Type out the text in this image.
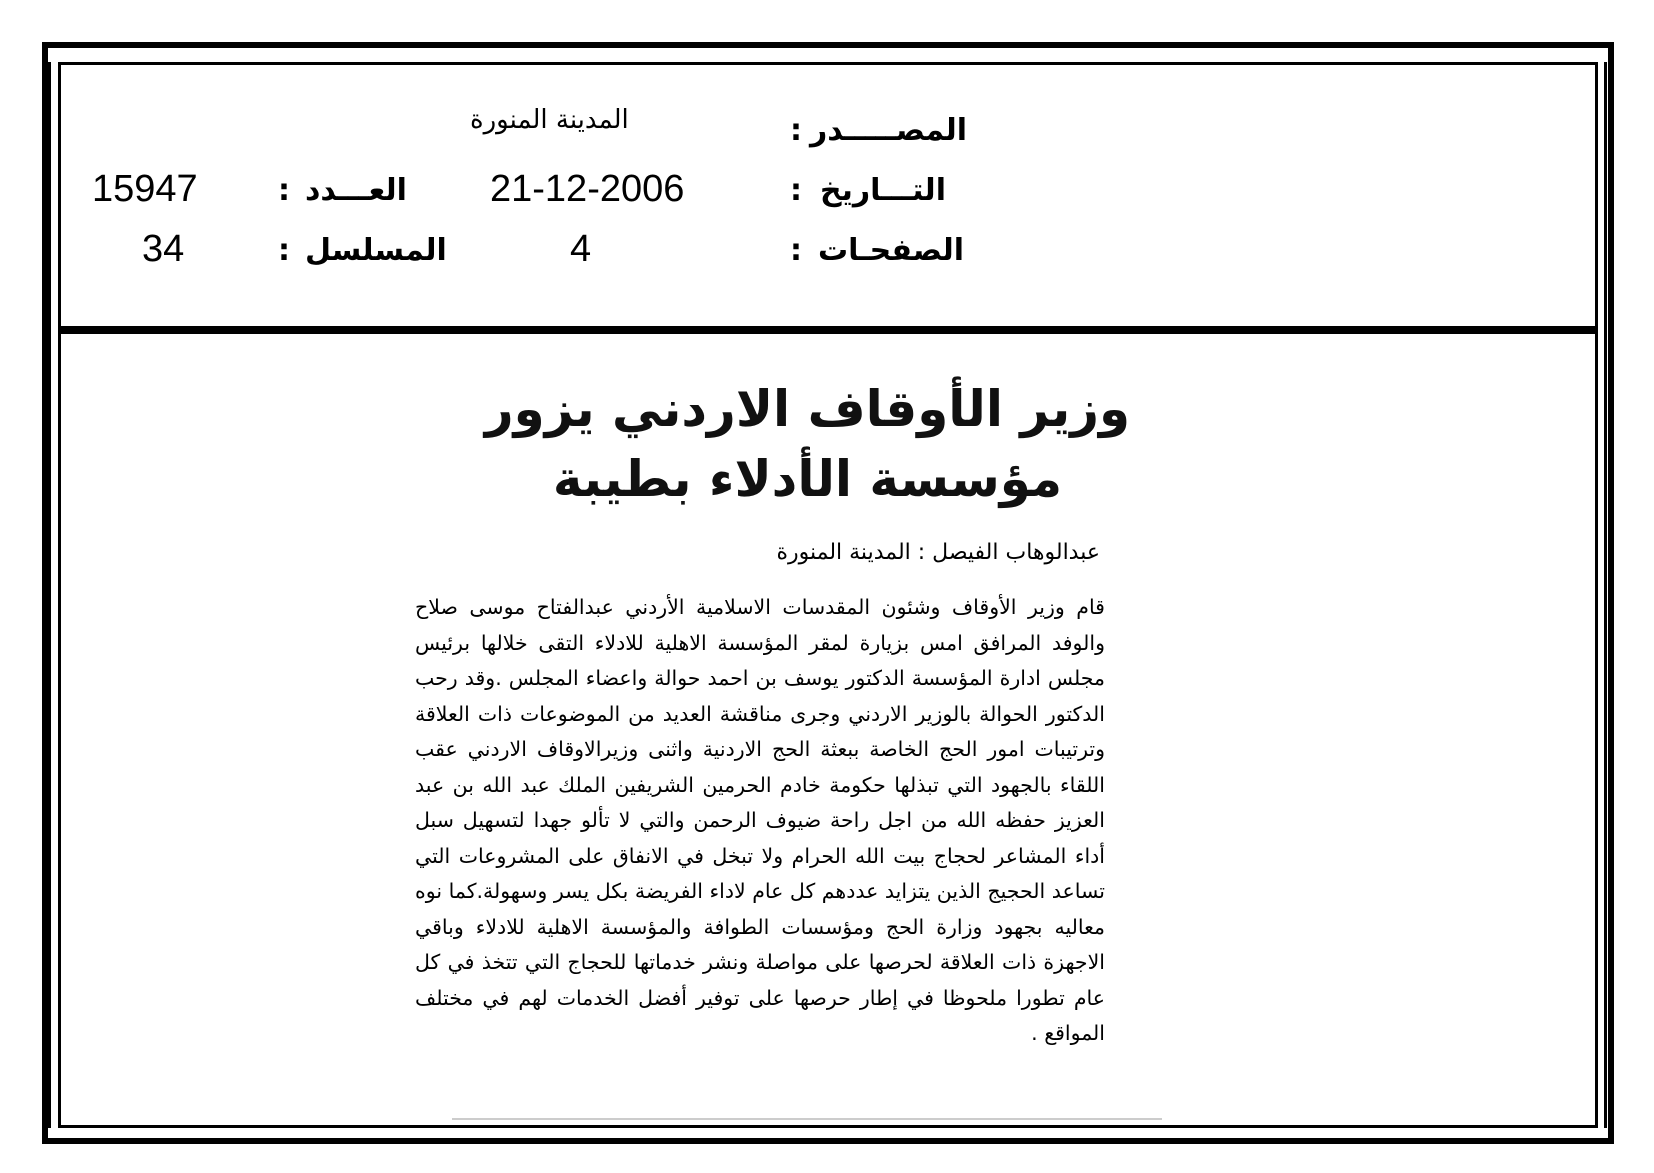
المصـــــدر
:
المدينة المنورة
التـــاريخ
:
21-12-2006
العـــدد
:
15947
الصفحـات
:
4
المسلسل
:
34
وزير الأوقاف الاردني يزور
مؤسسة الأدلاء بطيبة
عبدالوهاب الفيصل : المدينة المنورة

قام وزير الأوقاف وشئون المقدسات الاسلامية الأردني عبدالفتاح موسى صلاح والوفد المرافق امس بزيارة لمقر المؤسسة الاهلية للادلاء التقى خلالها برئيس مجلس ادارة المؤسسة الدكتور يوسف بن احمد حوالة واعضاء المجلس .وقد رحب الدكتور الحوالة بالوزير الاردني وجرى مناقشة العديد من الموضوعات ذات العلاقة وترتيبات امور الحج الخاصة ببعثة الحج الاردنية واثنى وزيرالاوقاف الاردني عقب اللقاء بالجهود التي تبذلها حكومة خادم الحرمين الشريفين الملك عبد الله بن عبد العزيز حفظه الله من اجل راحة ضيوف الرحمن والتي لا تألو جهدا لتسهيل سبل أداء المشاعر لحجاج بيت الله الحرام ولا تبخل في الانفاق على المشروعات التي تساعد الحجيج الذين يتزايد عددهم كل عام لاداء الفريضة بكل يسر وسهولة.كما نوه معاليه بجهود وزارة الحج ومؤسسات الطوافة والمؤسسة الاهلية للادلاء وباقي الاجهزة ذات العلاقة لحرصها على مواصلة ونشر خدماتها للحجاج التي تتخذ في كل عام تطورا ملحوظا في إطار حرصها على توفير أفضل الخدمات لهم في مختلف المواقع .
